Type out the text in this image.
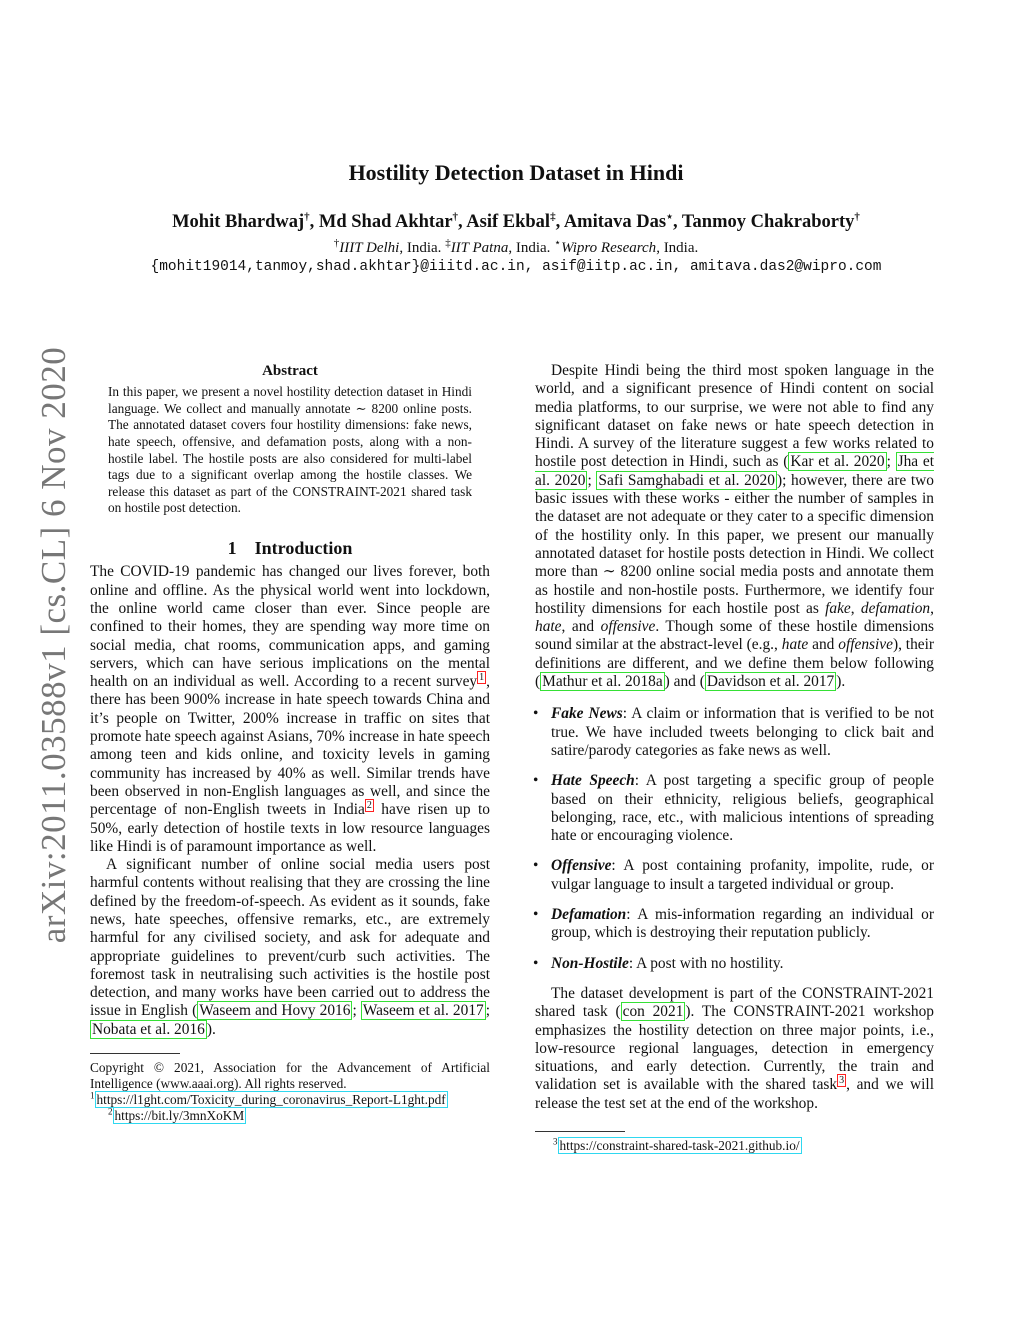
Hostility Detection Dataset in Hindi
Mohit Bhardwaj†, Md Shad Akhtar†, Asif Ekbal‡, Amitava Das⋆, Tanmoy Chakraborty†
†IIIT Delhi, India. ‡IIT Patna, India. ⋆Wipro Research, India.
{mohit19014,tanmoy,shad.akhtar}@iiitd.ac.in, asif@iitp.ac.in, amitava.das2@wipro.com
arXiv:2011.03588v1 [cs.CL] 6 Nov 2020	Abstract
In this paper, we present a novel hostility detection dataset in Hindi language. We collect and manually annotate ∼ 8200 online posts. The annotated dataset covers four hostility dimensions: fake news, hate speech, offensive, and defamation posts, along with a non-hostile label. The hostile posts are also considered for multi-label tags due to a significant overlap among the hostile classes. We release this dataset as part of the CONSTRAINT-2021 shared task on hostile post detection.
1 Introduction

The COVID-19 pandemic has changed our lives forever, both online and offline. As the physical world went into lockdown, the online world came closer than ever. Since people are confined to their homes, they are spending way more time on social media, chat rooms, communication apps, and gaming servers, which can have serious implications on the mental health on an individual as well. According to a recent survey $^1$ , there has been 900% increase in hate speech towards China and it’s people on Twitter, 200% increase in traffic on sites that promote hate speech against Asians, 70% increase in hate speech among teen and kids online, and toxicity levels in gaming community has increased by 40% as well. Similar trends have been observed in non-English languages as well, and since the percentage of non-English tweets in India $^2$ have risen up to 50%, early detection of hostile texts in low resource languages like Hindi is of paramount importance as well.

A significant number of online social media users post harmful contents without realising that they are crossing the line defined by the freedom-of-speech. As evident as it sounds, fake news, hate speeches, offensive remarks, etc., are extremely harmful for any civilised society, and ask for adequate and appropriate guidelines to prevent/curb such activities. The foremost task in neutralising such activities is the hostile post detection, and many works have been carried out to address the issue in English ( Waseem and Hovy 2016 ; Waseem et al. 2017 ; Nobata et al. 2016 ).

Copyright © 2021, Association for the Advancement of Artificial Intelligence (www.aaai.org). All rights reserved.
$^1$ https://l1ght.com/Toxicity_during_coronavirus_Report-L1ght.pdf
$^2$ https://bit.ly/3mnXoKM

Despite Hindi being the third most spoken language in the world, and a significant presence of Hindi content on social media platforms, to our surprise, we were not able to find any significant dataset on fake news or hate speech detection in Hindi. A survey of the literature suggest a few works related to hostile post detection in Hindi, such as ( Kar et al. 2020 ; Jha et al. 2020 ; Safi Samghabadi et al. 2020 ); however, there are two basic issues with these works - either the number of samples in the dataset are not adequate or they cater to a specific dimension of the hostility only. In this paper, we present our manually annotated dataset for hostile posts detection in Hindi. We collect more than ∼ 8200 online social media posts and annotate them as hostile and non-hostile posts. Furthermore, we identify four hostility dimensions for each hostile post as fake, defamation, hate, and offensive. Though some of these hostile dimensions sound similar at the abstract-level (e.g., hate and offensive), their definitions are different, and we define them below following ( Mathur et al. 2018a ) and ( Davidson et al. 2017 ).

• Fake News: A claim or information that is verified to be not true. We have included tweets belonging to click bait and satire/parody categories as fake news as well.
• Hate Speech: A post targeting a specific group of people based on their ethnicity, religious beliefs, geographical belonging, race, etc., with malicious intentions of spreading hate or encouraging violence.
• Offensive: A post containing profanity, impolite, rude, or vulgar language to insult a targeted individual or group.
• Defamation: A mis-information regarding an individual or group, which is destroying their reputation publicly.
• Non-Hostile: A post with no hostility.

The dataset development is part of the CONSTRAINT-2021 shared task ( con 2021 ). The CONSTRAINT-2021 workshop emphasizes the hostility detection on three major points, i.e., low-resource regional languages, detection in emergency situations, and early detection. Currently, the train and validation set is available with the shared task $^3$ , and we will release the test set at the end of the workshop.

$^3$ https://constraint-shared-task-2021.github.io/
